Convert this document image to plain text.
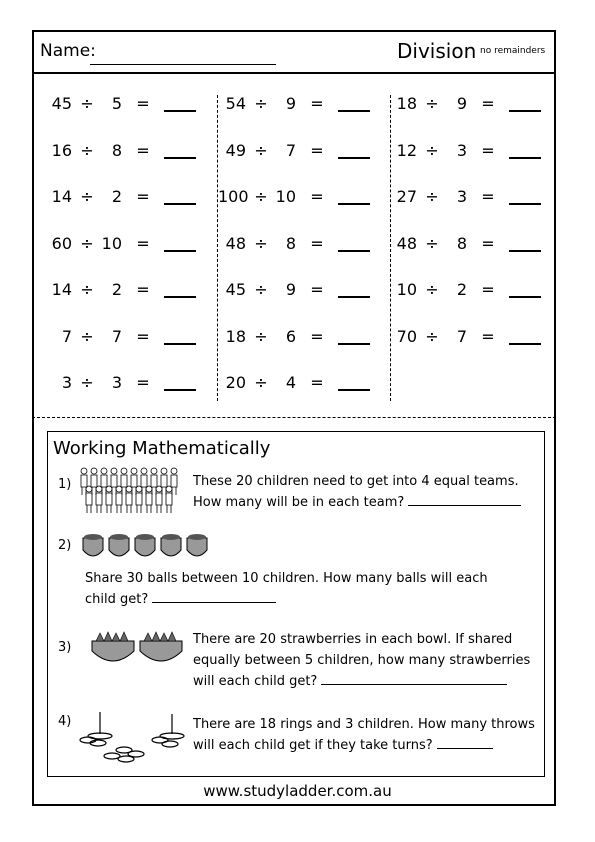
Name:	Division no remainders
45 ÷	5 =
16 ÷	8 =
14 ÷	2 =
60 ÷ 10 =
14 ÷	2 =
7 ÷	7 =
3 ÷	3 =
54 ÷	9 =
49 ÷	7 =
100 ÷ 10 =
48 ÷	8 =
45 ÷	9 =
18 ÷	6 =
20 ÷	4 =
18 ÷	9 =
12 ÷	3 =
27 ÷	3 =
48 ÷	8 =
10 ÷	2 =
70 ÷	7 =
Working Mathematically
1)	These 20 children need to get into 4 equal teams.
How many will be in each team?
2)
Share 30 balls between 10 children. How many balls will each
child get?
3)
There are 20 strawberries in each bowl. If shared
equally between 5 children, how many strawberries
will each child get?
4)	There are 18 rings and 3 children. How many throws
will each child get if they take turns?
www.studyladder.com.au
